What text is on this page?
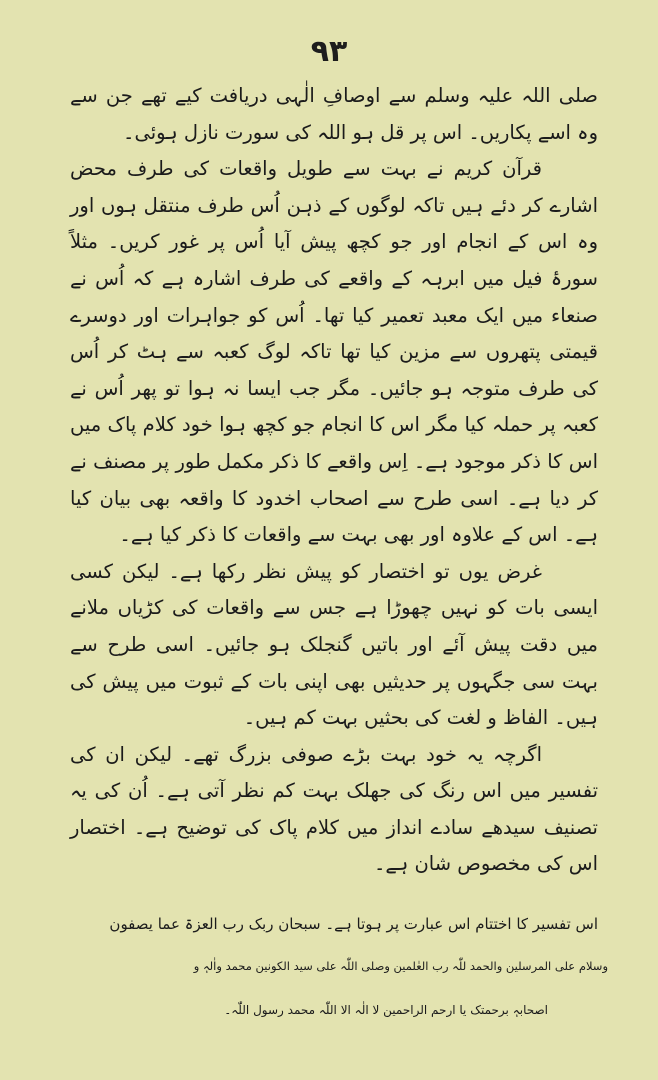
۹۳

صلی اللہ علیہ وسلم سے اوصافِ الٰہی دریافت کیے تھے جن سے وہ اسے پکاریں۔ اس پر قل ہو اللہ کی سورت نازل ہوئی۔

قرآن کریم نے بہت سے طویل واقعات کی طرف محض اشارے کر دئے ہیں تاکہ لوگوں کے ذہن اُس طرف منتقل ہوں اور وہ اس کے انجام اور جو کچھ پیش آیا اُس پر غور کریں۔ مثلاً سورۂ فیل میں ابرہہ کے واقعے کی طرف اشارہ ہے کہ اُس نے صنعاء میں ایک معبد تعمیر کیا تھا۔ اُس کو جواہرات اور دوسرے قیمتی پتھروں سے مزین کیا تھا تاکہ لوگ کعبہ سے ہٹ کر اُس کی طرف متوجہ ہو جائیں۔ مگر جب ایسا نہ ہوا تو پھر اُس نے کعبہ پر حملہ کیا مگر اس کا انجام جو کچھ ہوا خود کلام پاک میں اس کا ذکر موجود ہے۔ اِس واقعے کا ذکر مکمل طور پر مصنف نے کر دیا ہے۔ اسی طرح سے اصحاب اخدود کا واقعہ بھی بیان کیا ہے۔ اس کے علاوہ اور بھی بہت سے واقعات کا ذکر کیا ہے۔

غرض یوں تو اختصار کو پیش نظر رکھا ہے۔ لیکن کسی ایسی بات کو نہیں چھوڑا ہے جس سے واقعات کی کڑیاں ملانے میں دقت پیش آئے اور باتیں گنجلک ہو جائیں۔ اسی طرح سے بہت سی جگہوں پر حدیثیں بھی اپنی بات کے ثبوت میں پیش کی ہیں۔ الفاظ و لغت کی بحثیں بہت کم ہیں۔

اگرچہ یہ خود بہت بڑے صوفی بزرگ تھے۔ لیکن ان کی تفسیر میں اس رنگ کی جھلک بہت کم نظر آتی ہے۔ اُن کی یہ تصنیف سیدھے سادے انداز میں کلام پاک کی توضیح ہے۔ اختصار اس کی مخصوص شان ہے۔

اس تفسیر کا اختتام اس عبارت پر ہوتا ہے۔ سبحان ربک رب العزۃ عما یصفون

وسلام علی المرسلین والحمد للّٰہ رب العٰلمین وصلی اللّٰہ علی سید الکونین محمد واٰلہٖ و

اصحابہٖ برحمتک یا ارحم الراحمین لا الٰہ الا اللّٰہ محمد رسول اللّٰہ۔
